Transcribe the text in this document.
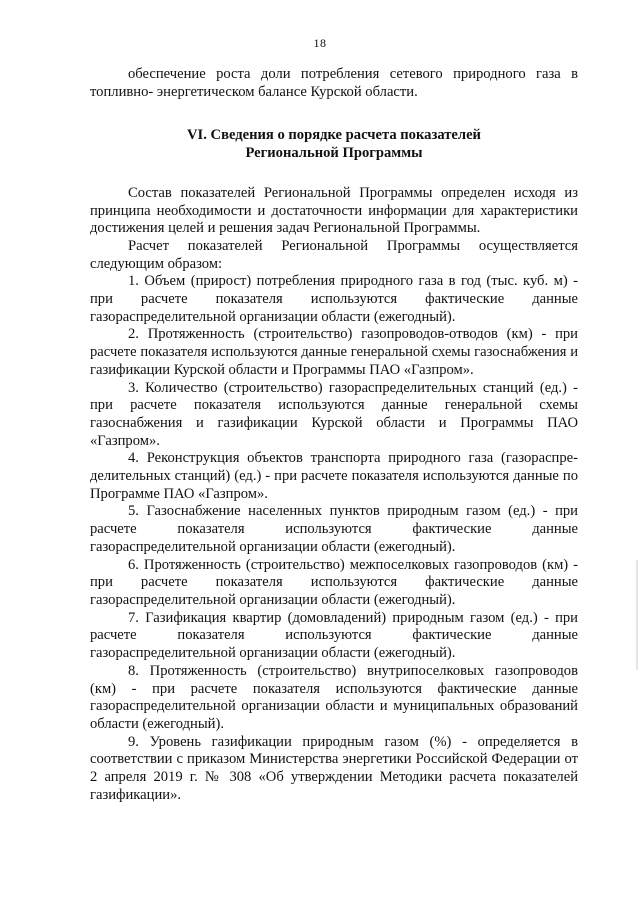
18

обеспечение роста доли потребления сетевого природного газа в топливно- энергетическом балансе Курской области.

VI. Сведения о порядке расчета показателей
Региональной Программы

Состав показателей Региональной Программы определен исходя из принципа необходимости и достаточности информации для характеристики достижения целей и решения задач Региональной Программы.

Расчет показателей Региональной Программы осуществляется следующим образом:

1. Объем (прирост) потребления природного газа в год (тыс. куб. м) - при расчете показателя используются фактические данные газораспределительной организации области (ежегодный).

2. Протяженность (строительство) газопроводов-отводов (км) - при расчете показателя используются данные генеральной схемы газоснабжения и газификации Курской области и Программы ПАО «Газпром».

3. Количество (строительство) газораспределительных станций (ед.) - при расчете показателя используются данные генеральной схемы газоснабжения и газификации Курской области и Программы ПАО «Газпром».

4. Реконструкция объектов транспорта природного газа (газораспре-делительных станций) (ед.) - при расчете показателя используются данные по Программе ПАО «Газпром».

5. Газоснабжение населенных пунктов природным газом (ед.) - при расчете показателя используются фактические данные газораспределительной организации области (ежегодный).

6. Протяженность (строительство) межпоселковых газопроводов (км) - при расчете показателя используются фактические данные газораспределительной организации области (ежегодный).

7. Газификация квартир (домовладений) природным газом (ед.) - при расчете показателя используются фактические данные газораспределительной организации области (ежегодный).

8. Протяженность (строительство) внутрипоселковых газопроводов (км) - при расчете показателя используются фактические данные газораспределительной организации области и муниципальных образований области (ежегодный).

9. Уровень газификации природным газом (%) - определяется в соответствии с приказом Министерства энергетики Российской Федерации от 2 апреля 2019 г. № 308 «Об утверждении Методики расчета показателей газификации».
